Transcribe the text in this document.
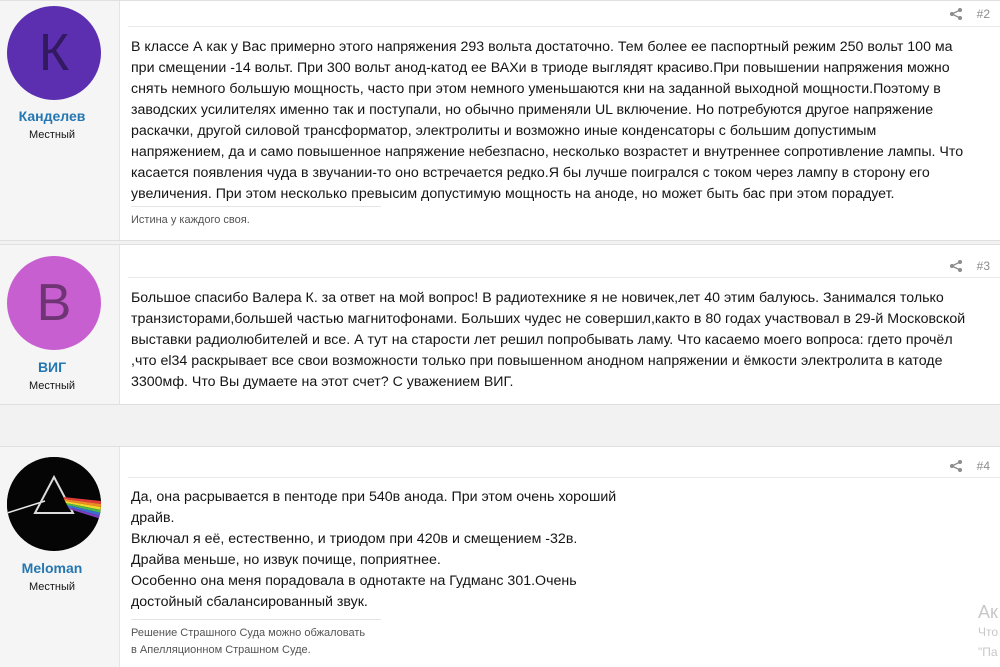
К
Канделев
Местный
#2
В классе А как у Вас примерно этого напряжения 293 вольта достаточно. Тем более ее паспортный режим 250 вольт 100 ма
при смещении -14 вольт. При 300 вольт анод-катод ее ВАХи в триоде выглядят красиво.При повышении напряжения можно
снять немного большую мощность, часто при этом немного уменьшаются кни на заданной выходной мощности.Поэтому в
заводских усилителях именно так и поступали, но обычно применяли UL включение. Но потребуются другое напряжение
раскачки, другой силовой трансформатор, электролиты и возможно иные конденсаторы с большим допустимым
напряжением, да и само повышенное напряжение небезпасно, несколько возрастет и внутреннее сопротивление лампы. Что
касается появления чуда в звучании-то оно встречается редко.Я бы лучше поигрался с током через лампу в сторону его
увеличения. При этом несколько превысим допустимую мощность на аноде, но может быть бас при этом порадует.
Истина у каждого своя.
В
ВИГ
Местный
#3
Большое спасибо Валера К. за ответ на мой вопрос! В радиотехнике я не новичек,лет 40 этим балуюсь. Занимался только
транзисторами,большей частью магнитофонами. Больших чудес не совершил,както в 80 годах участвовал в 29-й Московской
выставки радиолюбителей и все. А тут на старости лет решил попробывать ламу. Что касаемо моего вопроса: гдето прочёл
,что el34 раскрывает все свои возможности только при повышенном анодном напряжении и ёмкости электролита в катоде
3300мф. Что Вы думаете на этот счет? С уважением ВИГ.
Meloman
Местный
#4
Да, она расрывается в пентоде при 540в анода. При этом очень хороший
драйв.
Включал я её, естественно, и триодом при 420в и смещением -32в.
Драйва меньше, но извук почище, поприятнее.
Особенно она меня порадовала в однотакте на Гудманс 301.Очень
достойный сбалансированный звук.
Решение Страшного Суда можно обжаловать
в Апелляционном Страшном Суде.
Ак
Что
"Па
